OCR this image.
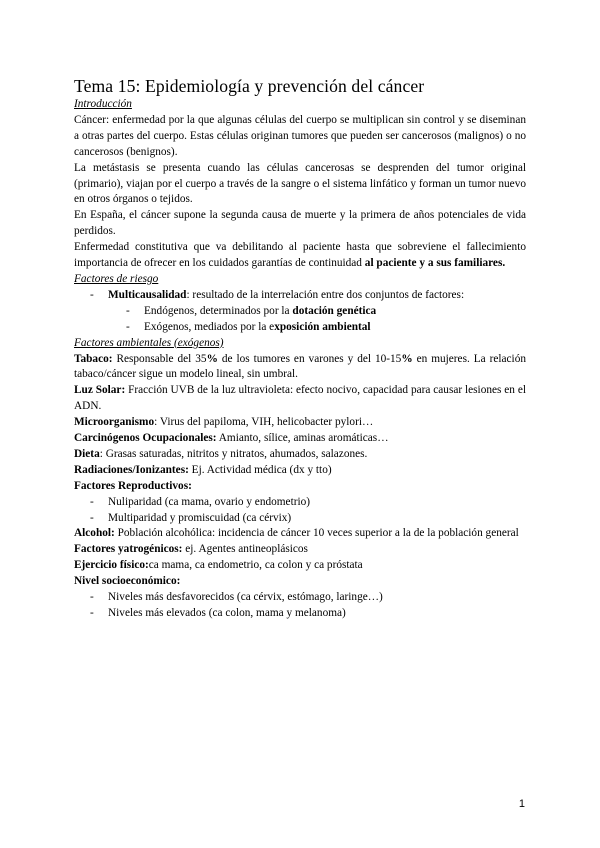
Tema 15: Epidemiología y prevención del cáncer

Introducción

Cáncer: enfermedad por la que algunas células del cuerpo se multiplican sin control y se diseminan a otras partes del cuerpo. Estas células originan tumores que pueden ser cancerosos (malignos) o no cancerosos (benignos).

La metástasis se presenta cuando las células cancerosas se desprenden del tumor original (primario), viajan por el cuerpo a través de la sangre o el sistema linfático y forman un tumor nuevo en otros órganos o tejidos.

En España, el cáncer supone la segunda causa de muerte y la primera de años potenciales de vida perdidos.

Enfermedad constitutiva que va debilitando al paciente hasta que sobreviene el fallecimiento importancia de ofrecer en los cuidados garantías de continuidad al paciente y a sus familiares.

Factores de riesgo

- Multicausalidad: resultado de la interrelación entre dos conjuntos de factores:
- Endógenos, determinados por la dotación genética
- Exógenos, mediados por la exposición ambiental

Factores ambientales (exógenos)

Tabaco: Responsable del 35% de los tumores en varones y del 10-15% en mujeres. La relación tabaco/cáncer sigue un modelo lineal, sin umbral.

Luz Solar: Fracción UVB de la luz ultravioleta: efecto nocivo, capacidad para causar lesiones en el ADN.

Microorganismo: Virus del papiloma, VIH, helicobacter pylori…

Carcinógenos Ocupacionales: Amianto, sílice, aminas aromáticas…

Dieta: Grasas saturadas, nitritos y nitratos, ahumados, salazones.

Radiaciones/Ionizantes: Ej. Actividad médica (dx y tto)

Factores Reproductivos:

- Nuliparidad (ca mama, ovario y endometrio)
- Multiparidad y promiscuidad (ca cérvix)

Alcohol: Población alcohólica: incidencia de cáncer 10 veces superior a la de la población general

Factores yatrogénicos: ej. Agentes antineoplásicos

Ejercicio físico:ca mama, ca endometrio, ca colon y ca próstata

Nivel socioeconómico:

- Niveles más desfavorecidos (ca cérvix, estómago, laringe…)
- Niveles más elevados (ca colon, mama y melanoma)
1
